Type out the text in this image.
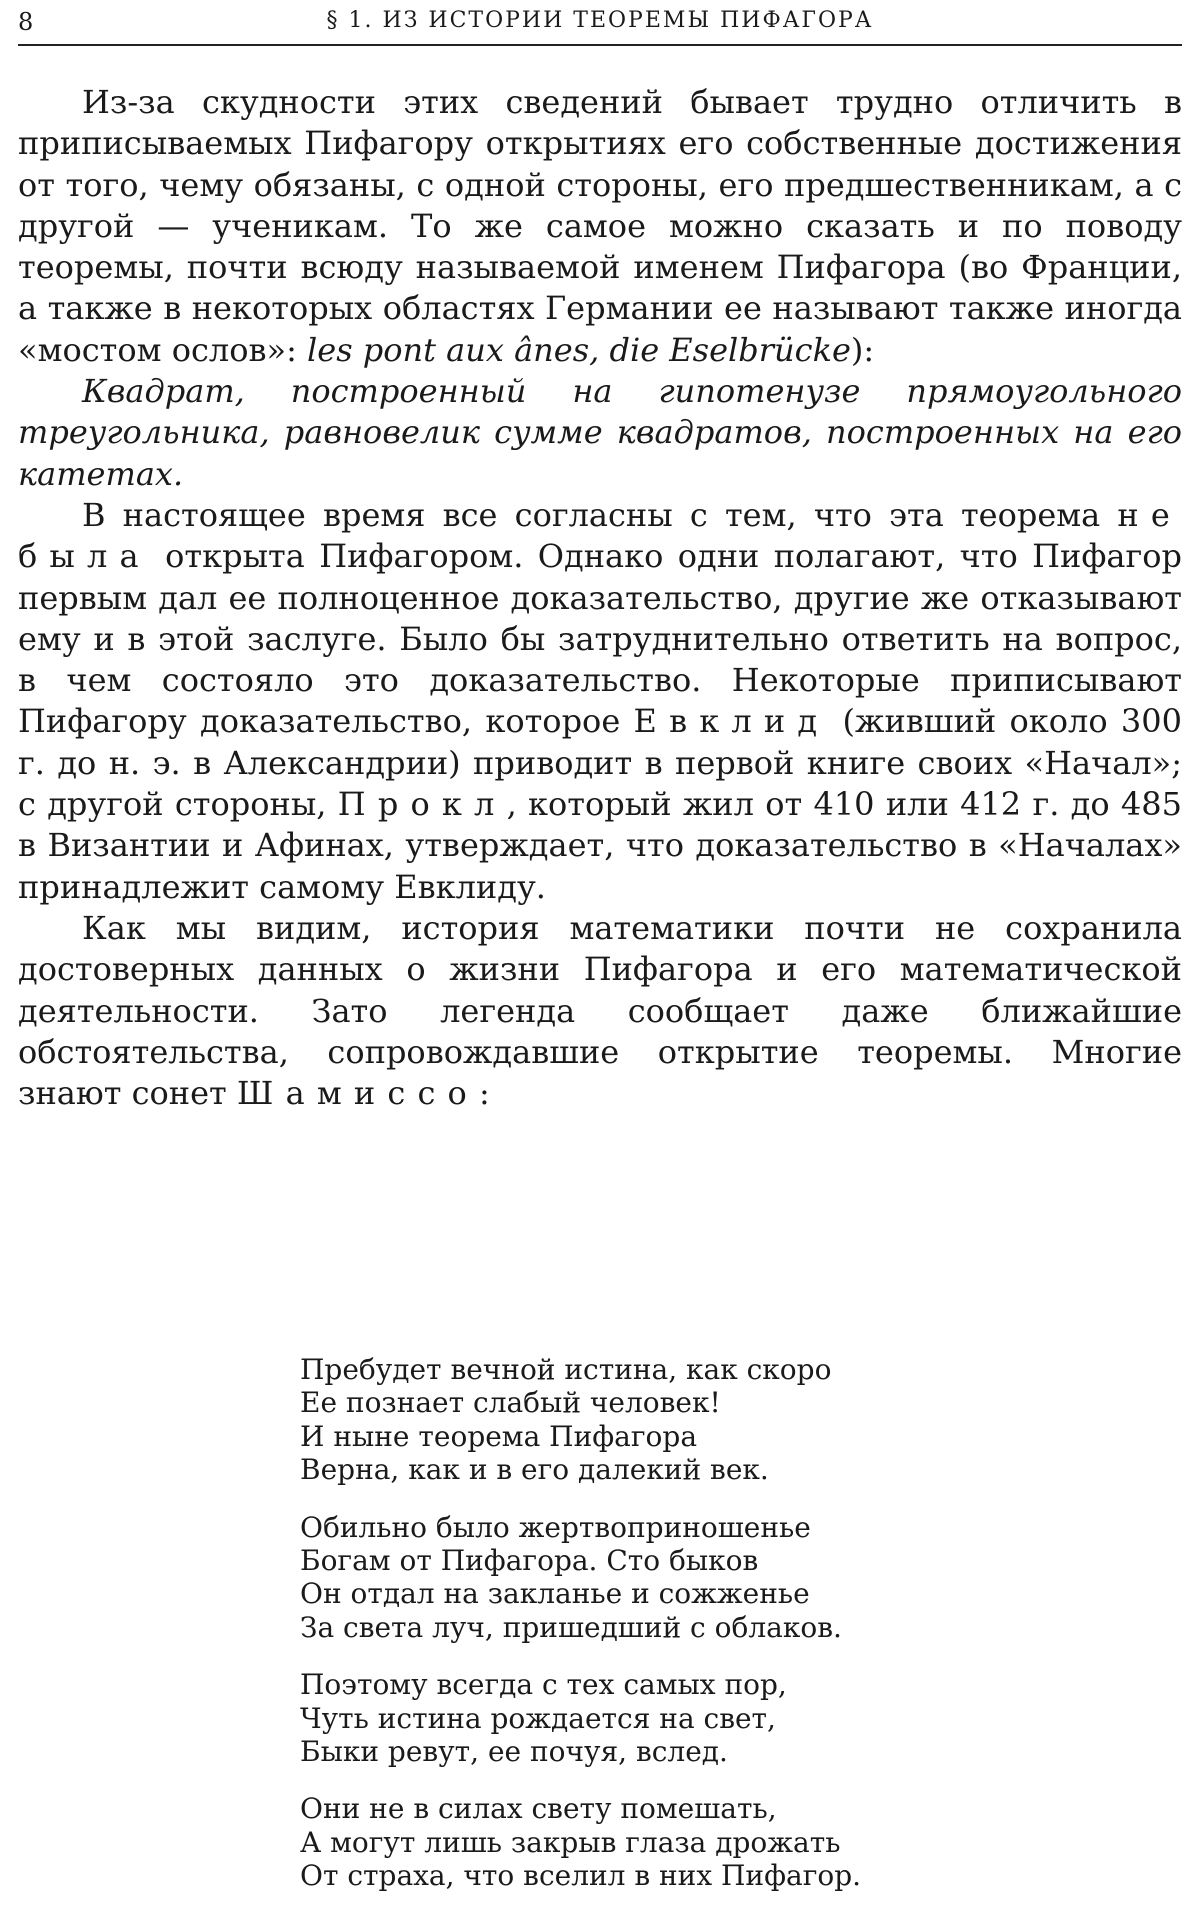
8	§ 1. ИЗ ИСТОРИИ ТЕОРЕМЫ ПИФАГОРА

Из-за скудности этих сведений бывает трудно отличить в приписываемых Пифагору открытиях его собственные достижения от того, чему обязаны, с одной стороны, его предшественникам, а с другой — ученикам. То же самое можно сказать и по поводу теоремы, почти всюду называемой именем Пифагора (во Франции, а также в некоторых областях Германии ее называют также иногда «мостом ослов»: les pont aux ânes, die Eselbrücke):

Квадрат, построенный на гипотенузе прямоугольного треугольника, равновелик сумме квадратов, построенных на его катетах.

В настоящее время все согласны с тем, что эта теорема не была открыта Пифагором. Однако одни полагают, что Пифагор первым дал ее полноценное доказательство, другие же отказывают ему и в этой заслуге. Было бы затруднительно ответить на вопрос, в чем состояло это доказательство. Некоторые приписывают Пифагору доказательство, которое Евклид (живший около 300 г. до н. э. в Александрии) приводит в первой книге своих «Начал»; с другой стороны, Прокл, который жил от 410 или 412 г. до 485 в Византии и Афинах, утверждает, что доказательство в «Началах» принадлежит самому Евклиду.

Как мы видим, история математики почти не сохранила достоверных данных о жизни Пифагора и его математической деятельности. Зато легенда сообщает даже ближайшие обстоятельства, сопровождавшие открытие теоремы. Многие знают сонет Шамиссо:

Пребудет вечной истина, как скоро
Ее познает слабый человек!
И ныне теорема Пифагора
Верна, как и в его далекий век.
Обильно было жертвоприношенье
Богам от Пифагора. Сто быков
Он отдал на закланье и сожженье
За света луч, пришедший с облаков.
Поэтому всегда с тех самых пор,
Чуть истина рождается на свет,
Быки ревут, ее почуя, вслед.
Они не в силах свету помешать,
А могут лишь закрыв глаза дрожать
От страха, что вселил в них Пифагор.
